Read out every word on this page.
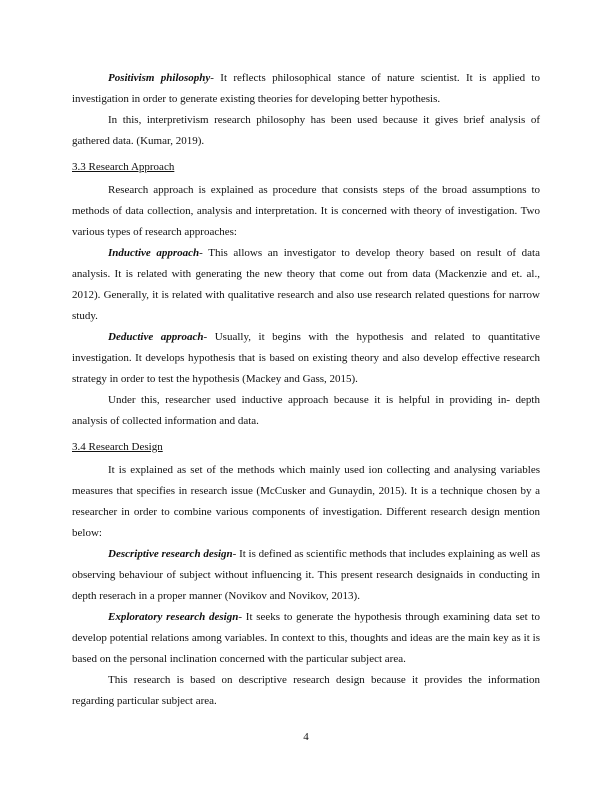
Positivism philosophy- It reflects philosophical stance of nature scientist. It is applied to investigation in order to generate existing theories for developing better hypothesis.

In this, interpretivism research philosophy has been used because it gives brief analysis of gathered data. (Kumar, 2019).

3.3 Research Approach

Research approach is explained as procedure that consists steps of the broad assumptions to methods of data collection, analysis and interpretation. It is concerned with theory of investigation. Two various types of research approaches:

Inductive approach- This allows an investigator to develop theory based on result of data analysis. It is related with generating the new theory that come out from data (Mackenzie and et. al., 2012). Generally, it is related with qualitative research and also use research related questions for narrow study.

Deductive approach- Usually, it begins with the hypothesis and related to quantitative investigation. It develops hypothesis that is based on existing theory and also develop effective research strategy in order to test the hypothesis (Mackey and Gass, 2015).

Under this, researcher used inductive approach because it is helpful in providing in- depth analysis of collected information and data.

3.4 Research Design

It is explained as set of the methods which mainly used ion collecting and analysing variables measures that specifies in research issue (McCusker and Gunaydin, 2015). It is a technique chosen by a researcher in order to combine various components of investigation. Different research design mention below:

Descriptive research design- It is defined as scientific methods that includes explaining as well as observing behaviour of subject without influencing it. This present research designaids in conducting in depth reserach in a proper manner (Novikov and Novikov, 2013).

Exploratory research design- It seeks to generate the hypothesis through examining data set to develop potential relations among variables. In context to this, thoughts and ideas are the main key as it is based on the personal inclination concerned with the particular subject area.

This research is based on descriptive research design because it provides the information regarding particular subject area.

4
